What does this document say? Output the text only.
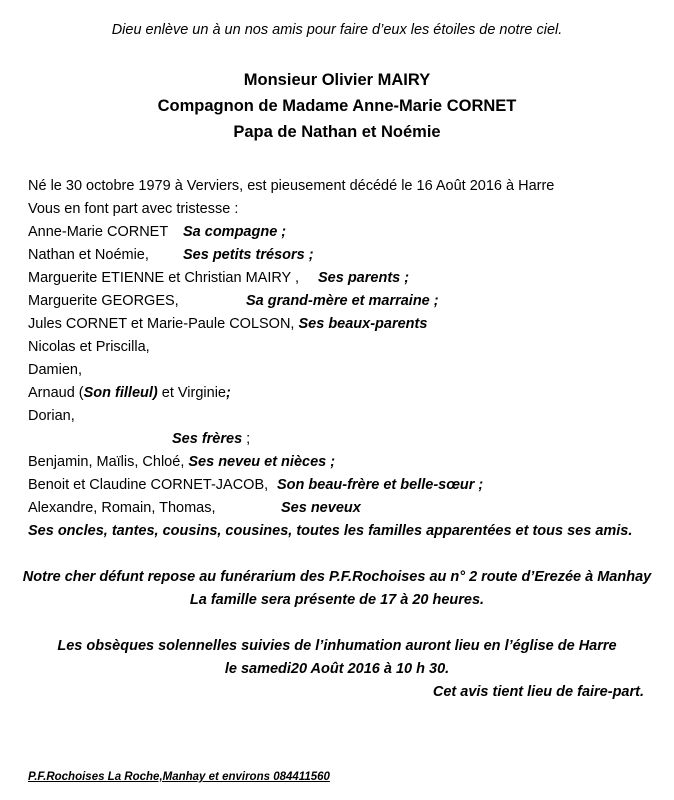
Dieu enlève un à un nos amis pour faire d’eux les étoiles de notre ciel.
Monsieur Olivier MAIRY
Compagnon de Madame Anne-Marie CORNET
Papa de Nathan et Noémie
Né le 30 octobre 1979 à Verviers, est pieusement décédé le 16 Août 2016 à Harre
Vous en font part avec tristesse :
Anne-Marie CORNET Sa compagne ;
Nathan et Noémie, Ses petits trésors ;
Marguerite ETIENNE et Christian MAIRY , Ses parents ;
Marguerite GEORGES,	Sa grand-mère et marraine ;
Jules CORNET et Marie-Paule COLSON, Ses beaux-parents
Nicolas et Priscilla,
Damien,
Arnaud (Son filleul) et Virginie;
Dorian,
Ses frères ;
Benjamin, Maïlis, Chloé, Ses neveu et nièces ;
Benoit et Claudine CORNET-JACOB, Son beau-frère et belle-sœur ;
Alexandre, Romain, Thomas,	Ses neveux
Ses oncles, tantes, cousins, cousines, toutes les familles apparentées et tous ses amis.
Notre cher défunt repose au funérarium des P.F.Rochoises au n° 2 route d’Erezée à Manhay
La famille sera présente de 17 à 20 heures.
Les obsèques solennelles suivies de l’inhumation auront lieu en l’église de Harre
le samedi20 Août 2016 à 10 h 30.
Cet avis tient lieu de faire-part.
P.F.Rochoises La Roche,Manhay et environs 084411560
